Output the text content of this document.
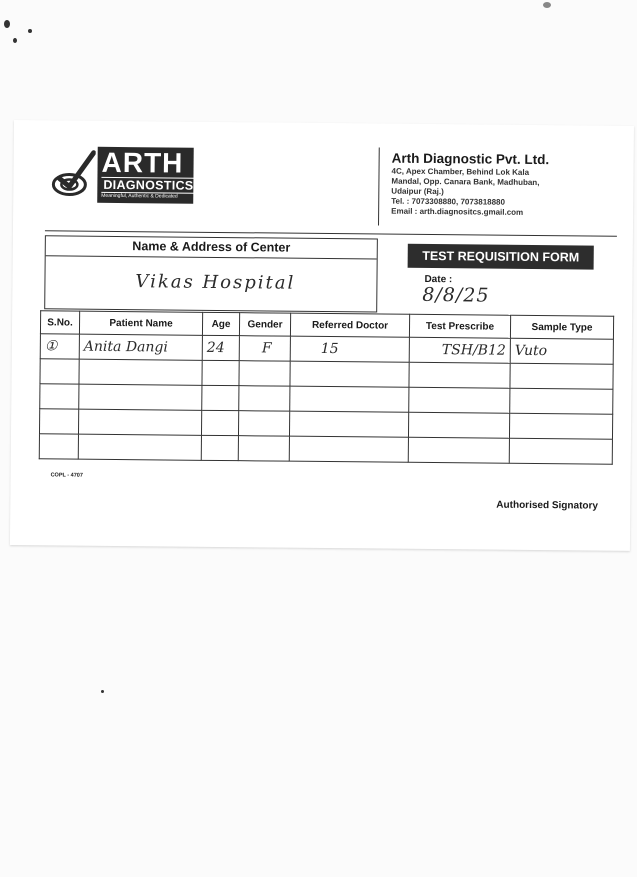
ARTH
DIAGNOSTICS
Meaningful, Authentic & Dedicated
Arth Diagnostic Pvt. Ltd.
4C, Apex Chamber, Behind Lok Kala
Mandal, Opp. Canara Bank, Madhuban,
Udaipur (Raj.)
Tel. : 7073308880, 7073818880
Email : arth.diagnositcs.gmail.com
Name & Address of Center
Vikas Hospital
TEST REQUISITION FORM
Date :
8/8/25
S.No.	Patient Name	Age	Gender	Referred Doctor	Test Prescribe	Sample Type
①	Anita Dangi	24	F	15	TSH/B12	Vuto

COPL - 4707
Authorised Signatory
